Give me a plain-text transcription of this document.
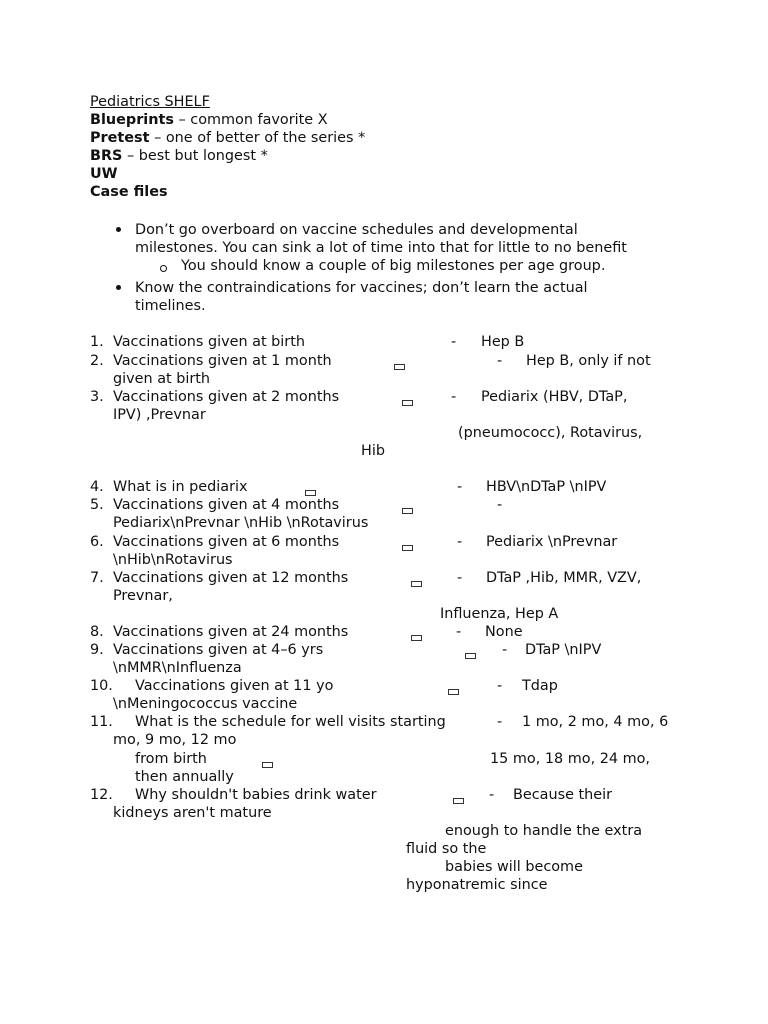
Pediatrics SHELF
Blueprints – common favorite X
Pretest – one of better of the series *
BRS – best but longest *
UW
Case files
Don’t go overboard on vaccine schedules and developmental
milestones. You can sink a lot of time into that for little to no benefit
You should know a couple of big milestones per age group.
Know the contraindications for vaccines; don’t learn the actual
timelines.
1. Vaccinations given at birth	- Hep B
2. Vaccinations given at 1 month	- Hep B, only if not
given at birth
3. Vaccinations given at 2 months	- Pediarix (HBV, DTaP,
IPV) ,Prevnar
(pneumococc), Rotavirus,
Hib
4. What is in pediarix	- HBV\nDTaP \nIPV
5. Vaccinations given at 4 months	-
Pediarix\nPrevnar \nHib \nRotavirus
6. Vaccinations given at 6 months	- Pediarix \nPrevnar
\nHib\nRotavirus
7. Vaccinations given at 12 months	- DTaP ,Hib, MMR, VZV,
Prevnar,
Influenza, Hep A
8. Vaccinations given at 24 months	- None
9. Vaccinations given at 4–6 yrs	- DTaP \nIPV
\nMMR\nInfluenza
10. Vaccinations given at 11 yo	- Tdap
\nMeningococcus vaccine
11. What is the schedule for well visits starting	- 1 mo, 2 mo, 4 mo, 6
mo, 9 mo, 12 mo
from birth	15 mo, 18 mo, 24 mo,
then annually
12. Why shouldn't babies drink water	- Because their
kidneys aren't mature
enough to handle the extra
fluid so the
babies will become
hyponatremic since
